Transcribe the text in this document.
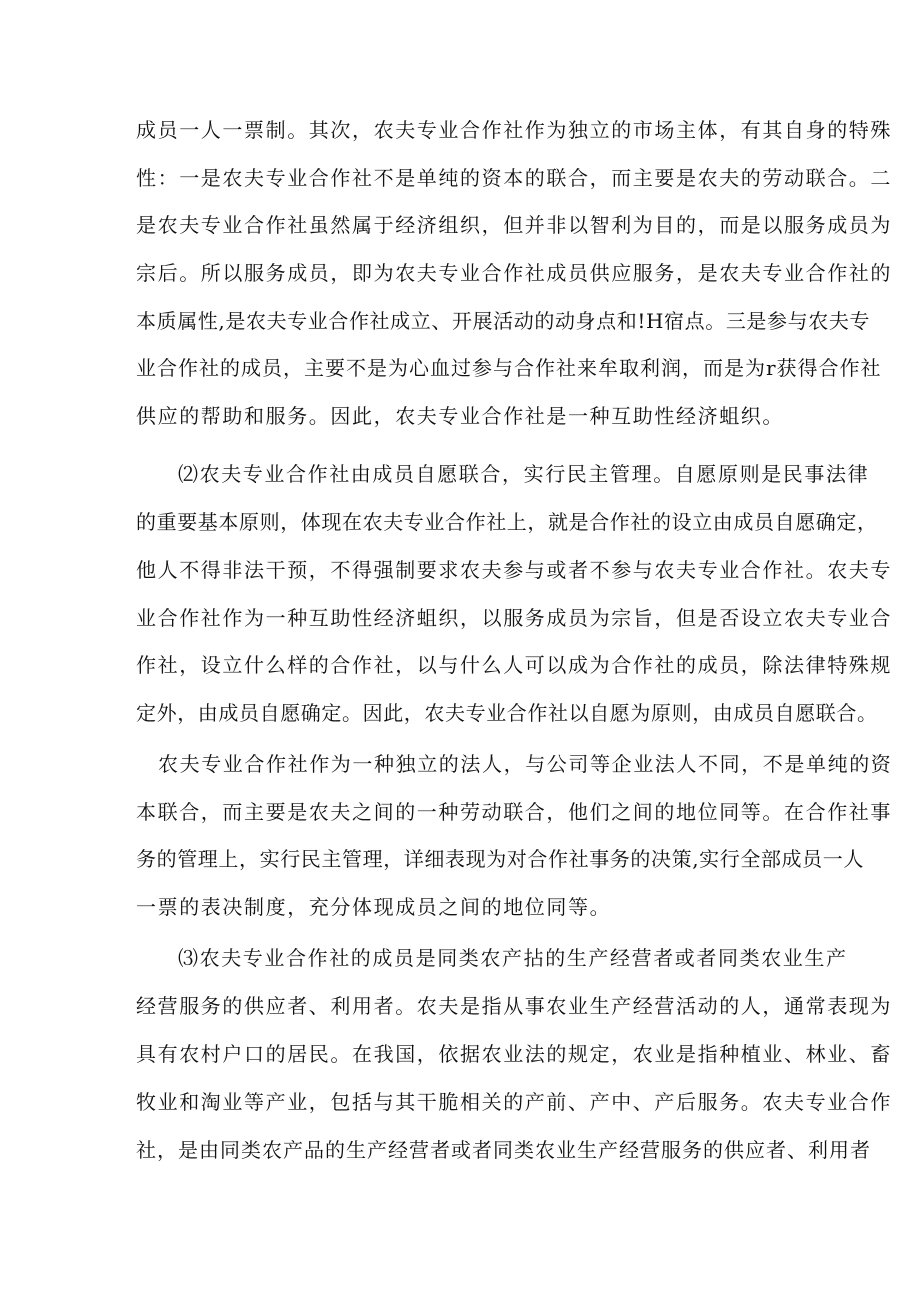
成员一人一票制。其次，农夫专业合作社作为独立的市场主体，有其自身的特殊
性：一是农夫专业合作社不是单纯的资本的联合，而主要是农夫的劳动联合。二
是农夫专业合作社虽然属于经济组织，但并非以智利为目的，而是以服务成员为
宗后。所以服务成员，即为农夫专业合作社成员供应服务，是农夫专业合作社的
本质属性,是农夫专业合作社成立、开展活动的动身点和!H宿点。三是参与农夫专
业合作社的成员，主要不是为心血过参与合作社来牟取利润，而是为r获得合作社
供应的帮助和服务。因此，农夫专业合作社是一种互助性经济蛆织。
⑵农夫专业合作社由成员自愿联合，实行民主管理。自愿原则是民事法律
的重要基本原则，体现在农夫专业合作社上，就是合作社的设立由成员自愿确定，
他人不得非法干预，不得强制要求农夫参与或者不参与农夫专业合作社。农夫专
业合作社作为一种互助性经济蛆织，以服务成员为宗旨，但是否设立农夫专业合
作社，设立什么样的合作社，以与什么人可以成为合作社的成员，除法律特殊规
定外，由成员自愿确定。因此，农夫专业合作社以自愿为原则，由成员自愿联合。
农夫专业合作社作为一种独立的法人，与公司等企业法人不同，不是单纯的资
本联合，而主要是农夫之间的一种劳动联合，他们之间的地位同等。在合作社事
务的管理上，实行民主管理，详细表现为对合作社事务的决策,实行全部成员一人
一票的表决制度，充分体现成员之间的地位同等。
⑶农夫专业合作社的成员是同类农产拈的生产经营者或者同类农业生产
经营服务的供应者、利用者。农夫是指从事农业生产经营活动的人，通常表现为
具有农村户口的居民。在我国，依据农业法的规定，农业是指种植业、林业、畜
牧业和淘业等产业，包括与其干脆相关的产前、产中、产后服务。农夫专业合作
社，是由同类农产品的生产经营者或者同类农业生产经营服务的供应者、利用者
